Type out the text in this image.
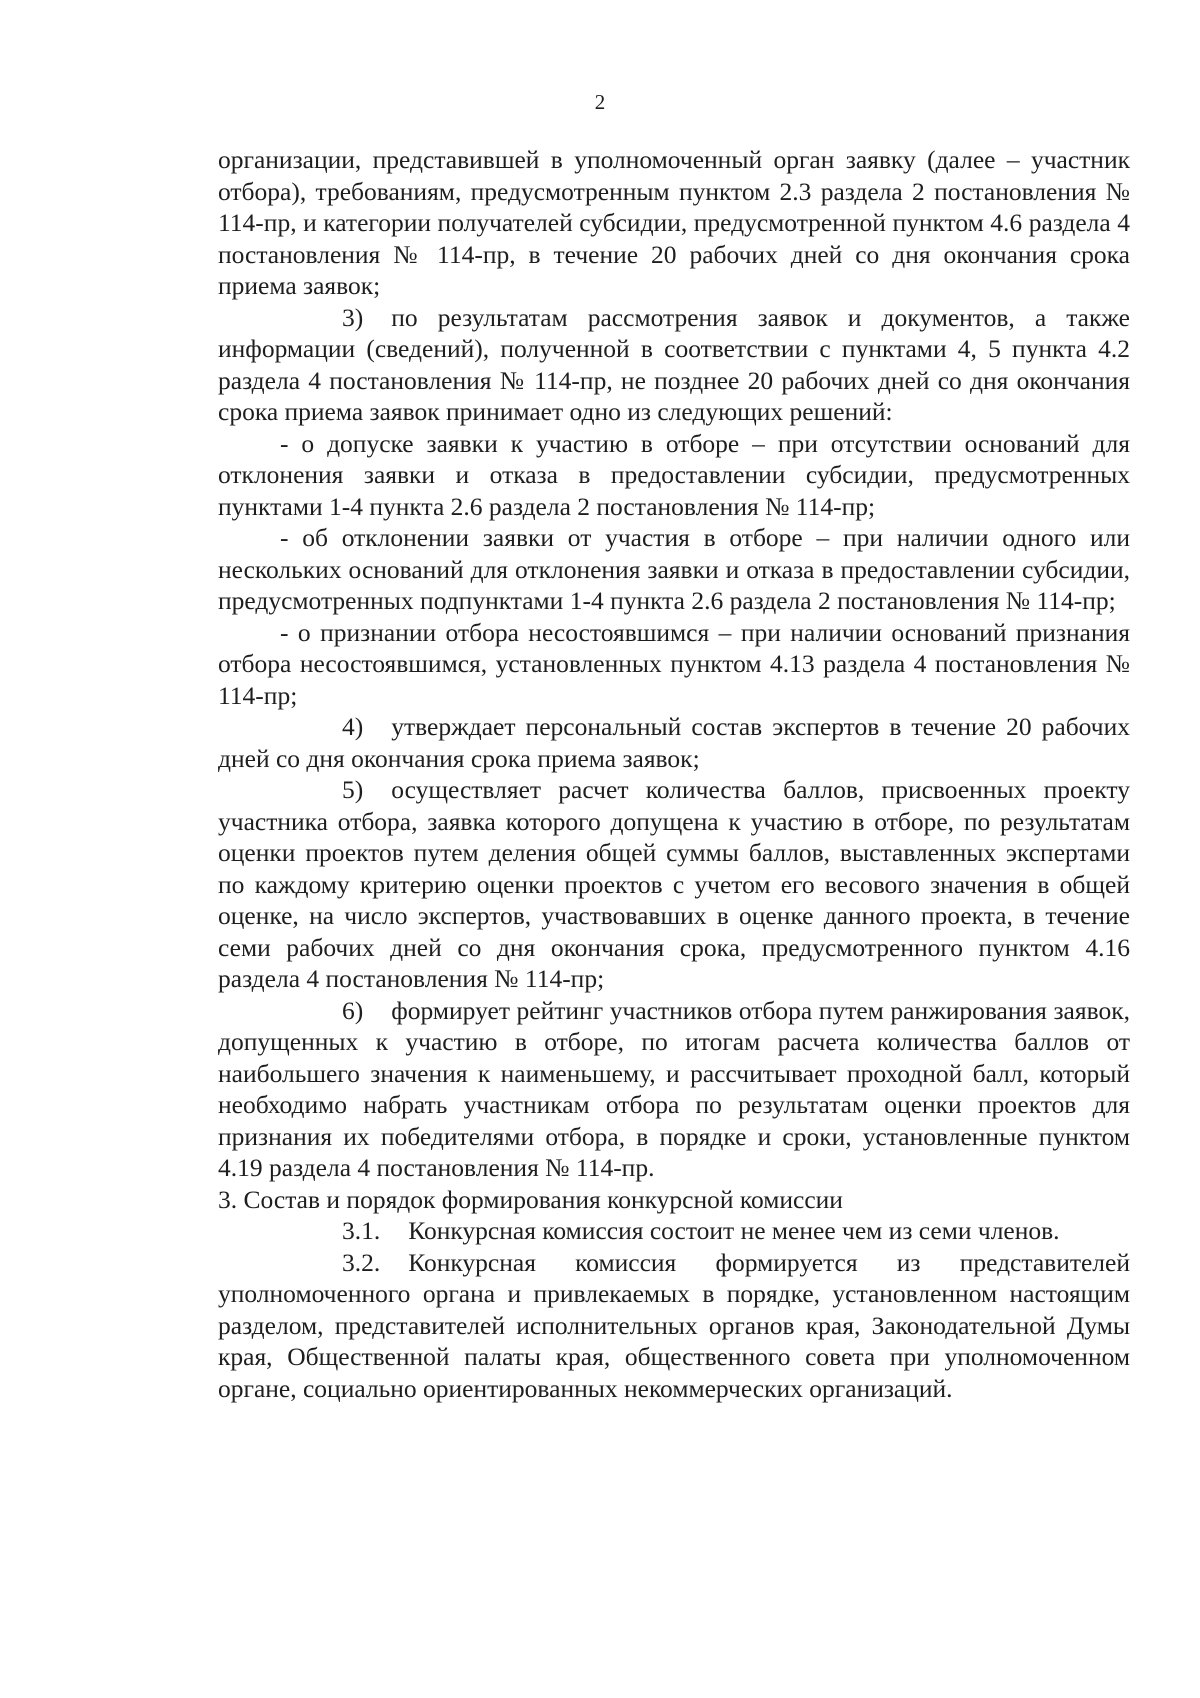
2

организации, представившей в уполномоченный орган заявку (далее – участник отбора), требованиям, предусмотренным пунктом 2.3 раздела 2 постановления № 114-пр, и категории получателей субсидии, предусмотренной пунктом 4.6 раздела 4 постановления № 114-пр, в течение 20 рабочих дней со дня окончания срока приема заявок;

3) по результатам рассмотрения заявок и документов, а также информации (сведений), полученной в соответствии с пунктами 4, 5 пункта 4.2 раздела 4 постановления № 114-пр, не позднее 20 рабочих дней со дня окончания срока приема заявок принимает одно из следующих решений:

- о допуске заявки к участию в отборе – при отсутствии оснований для отклонения заявки и отказа в предоставлении субсидии, предусмотренных пунктами 1-4 пункта 2.6 раздела 2 постановления № 114-пр;

- об отклонении заявки от участия в отборе – при наличии одного или нескольких оснований для отклонения заявки и отказа в предоставлении субсидии, предусмотренных подпунктами 1-4 пункта 2.6 раздела 2 постановления № 114-пр;

- о признании отбора несостоявшимся – при наличии оснований признания отбора несостоявшимся, установленных пунктом 4.13 раздела 4 постановления № 114-пр;

4) утверждает персональный состав экспертов в течение 20 рабочих дней со дня окончания срока приема заявок;

5) осуществляет расчет количества баллов, присвоенных проекту участника отбора, заявка которого допущена к участию в отборе, по результатам оценки проектов путем деления общей суммы баллов, выставленных экспертами по каждому критерию оценки проектов с учетом его весового значения в общей оценке, на число экспертов, участвовавших в оценке данного проекта, в течение семи рабочих дней со дня окончания срока, предусмотренного пунктом 4.16 раздела 4 постановления № 114-пр;

6) формирует рейтинг участников отбора путем ранжирования заявок, допущенных к участию в отборе, по итогам расчета количества баллов от наибольшего значения к наименьшему, и рассчитывает проходной балл, который необходимо набрать участникам отбора по результатам оценки проектов для признания их победителями отбора, в порядке и сроки, установленные пунктом 4.19 раздела 4 постановления № 114-пр.

3. Состав и порядок формирования конкурсной комиссии

3.1. Конкурсная комиссия состоит не менее чем из семи членов.

3.2. Конкурсная комиссия формируется из представителей уполномоченного органа и привлекаемых в порядке, установленном настоящим разделом, представителей исполнительных органов края, Законодательной Думы края, Общественной палаты края, общественного совета при уполномоченном органе, социально ориентированных некоммерческих организаций.
